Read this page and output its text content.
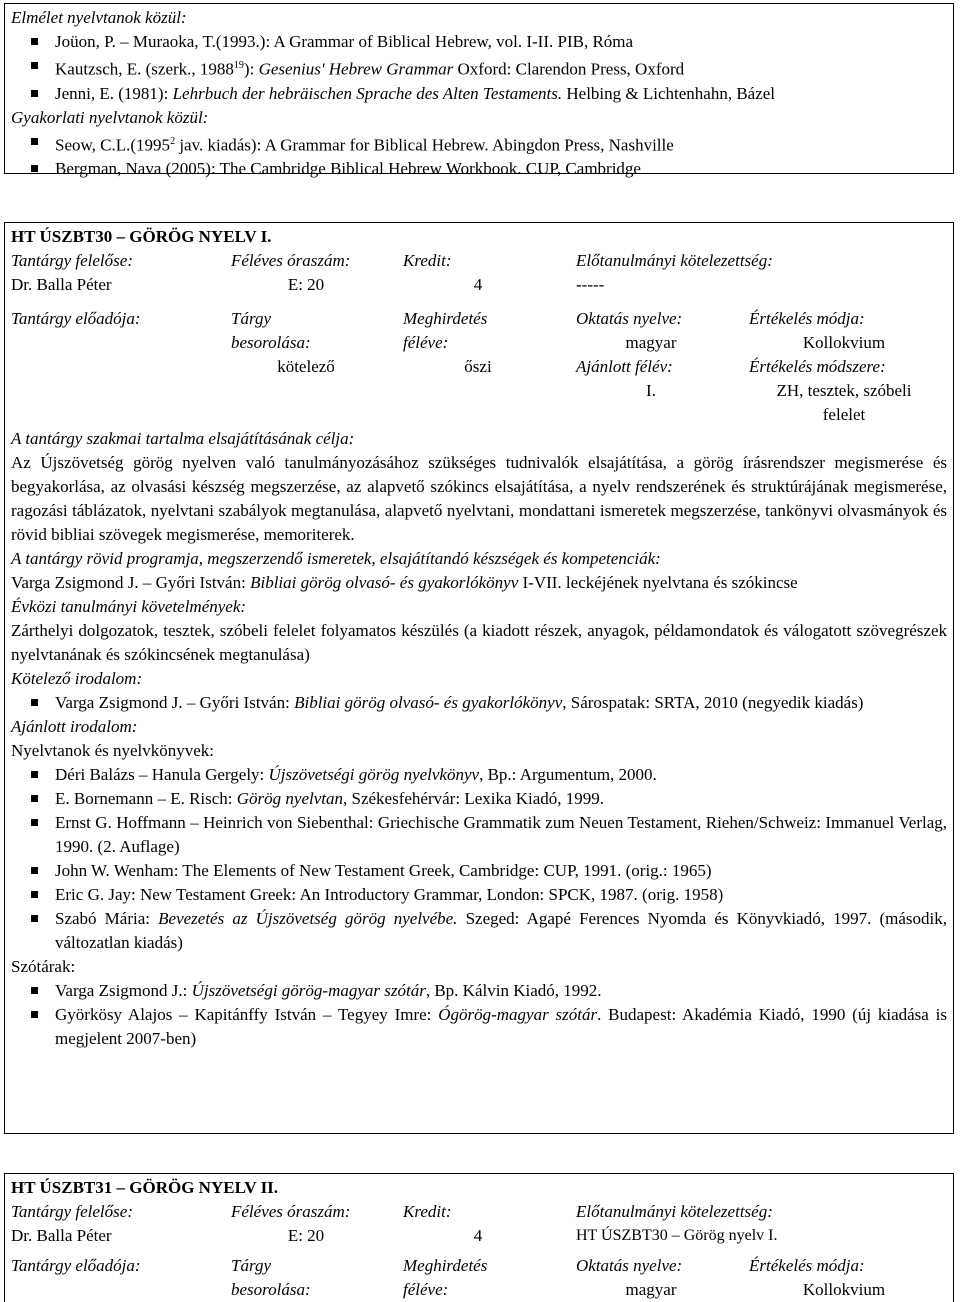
Elmélet nyelvtanok közül:
Joüon, P. – Muraoka, T.(1993.): A Grammar of Biblical Hebrew, vol. I-II. PIB, Róma
Kautzsch, E. (szerk., 1988$^{19}$): Gesenius' Hebrew Grammar Oxford: Clarendon Press, Oxford
Jenni, E. (1981): Lehrbuch der hebräischen Sprache des Alten Testaments. Helbing & Lichtenhahn, Bázel
Gyakorlati nyelvtanok közül:
Seow, C.L.(1995$^2$ jav. kiadás): A Grammar for Biblical Hebrew. Abingdon Press, Nashville
Bergman, Nava (2005): The Cambridge Biblical Hebrew Workbook. CUP, Cambridge
HT ÚSZBT30 – GÖRÖG NYELV I.
Tantárgy felelőse:
Dr. Balla Péter
Tantárgy előadója:
Féléves óraszám:
E: 20
Tárgy
besorolása:
kötelező
Kredit:
4
Meghirdetés
féléve:
őszi
Előtanulmányi kötelezettség:
-----
Oktatás nyelve:
magyar
Ajánlott félév:
I.
Értékelés módja:
Kollokvium
Értékelés módszere:
ZH, tesztek, szóbeli
felelet
A tantárgy szakmai tartalma elsajátításának célja:
Az Újszövetség görög nyelven való tanulmányozásához szükséges tudnivalók elsajátítása, a görög írásrendszer megismerése és begyakorlása, az olvasási készség megszerzése, az alapvető szókincs elsajátítása, a nyelv rendszerének és struktúrájának megismerése, ragozási táblázatok, nyelvtani szabályok megtanulása, alapvető nyelvtani, mondattani ismeretek megszerzése, tankönyvi olvasmányok és rövid bibliai szövegek megismerése, memoriterek.
A tantárgy rövid programja, megszerzendő ismeretek, elsajátítandó készségek és kompetenciák:
Varga Zsigmond J. – Győri István: Bibliai görög olvasó- és gyakorlókönyv I-VII. leckéjének nyelvtana és szókincse
Évközi tanulmányi követelmények:
Zárthelyi dolgozatok, tesztek, szóbeli felelet folyamatos készülés (a kiadott részek, anyagok, példamondatok és válogatott szövegrészek nyelvtanának és szókincsének megtanulása)
Kötelező irodalom:
Varga Zsigmond J. – Győri István: Bibliai görög olvasó- és gyakorlókönyv, Sárospatak: SRTA, 2010 (negyedik kiadás)
Ajánlott irodalom:
Nyelvtanok és nyelvkönyvek:
Déri Balázs – Hanula Gergely: Újszövetségi görög nyelvkönyv, Bp.: Argumentum, 2000.
E. Bornemann – E. Risch: Görög nyelvtan, Székesfehérvár: Lexika Kiadó, 1999.
Ernst G. Hoffmann – Heinrich von Siebenthal: Griechische Grammatik zum Neuen Testament, Riehen/Schweiz: Immanuel Verlag, 1990. (2. Auflage)
John W. Wenham: The Elements of New Testament Greek, Cambridge: CUP, 1991. (orig.: 1965)
Eric G. Jay: New Testament Greek: An Introductory Grammar, London: SPCK, 1987. (orig. 1958)
Szabó Mária: Bevezetés az Újszövetség görög nyelvébe. Szeged: Agapé Ferences Nyomda és Könyvkiadó, 1997. (második, változatlan kiadás)
Szótárak:
Varga Zsigmond J.: Újszövetségi görög-magyar szótár, Bp. Kálvin Kiadó, 1992.
Györkösy Alajos – Kapitánffy István – Tegyey Imre: Ógörög-magyar szótár. Budapest: Akadémia Kiadó, 1990 (új kiadása is megjelent 2007-ben)
HT ÚSZBT31 – GÖRÖG NYELV II.
Tantárgy felelőse:
Dr. Balla Péter
Tantárgy előadója:
Féléves óraszám:
E: 20
Tárgy
besorolása:
Kredit:
4
Meghirdetés
féléve:
Előtanulmányi kötelezettség:
HT ÚSZBT30 – Görög nyelv I.
Oktatás nyelve:
magyar
Értékelés módja:
Kollokvium
